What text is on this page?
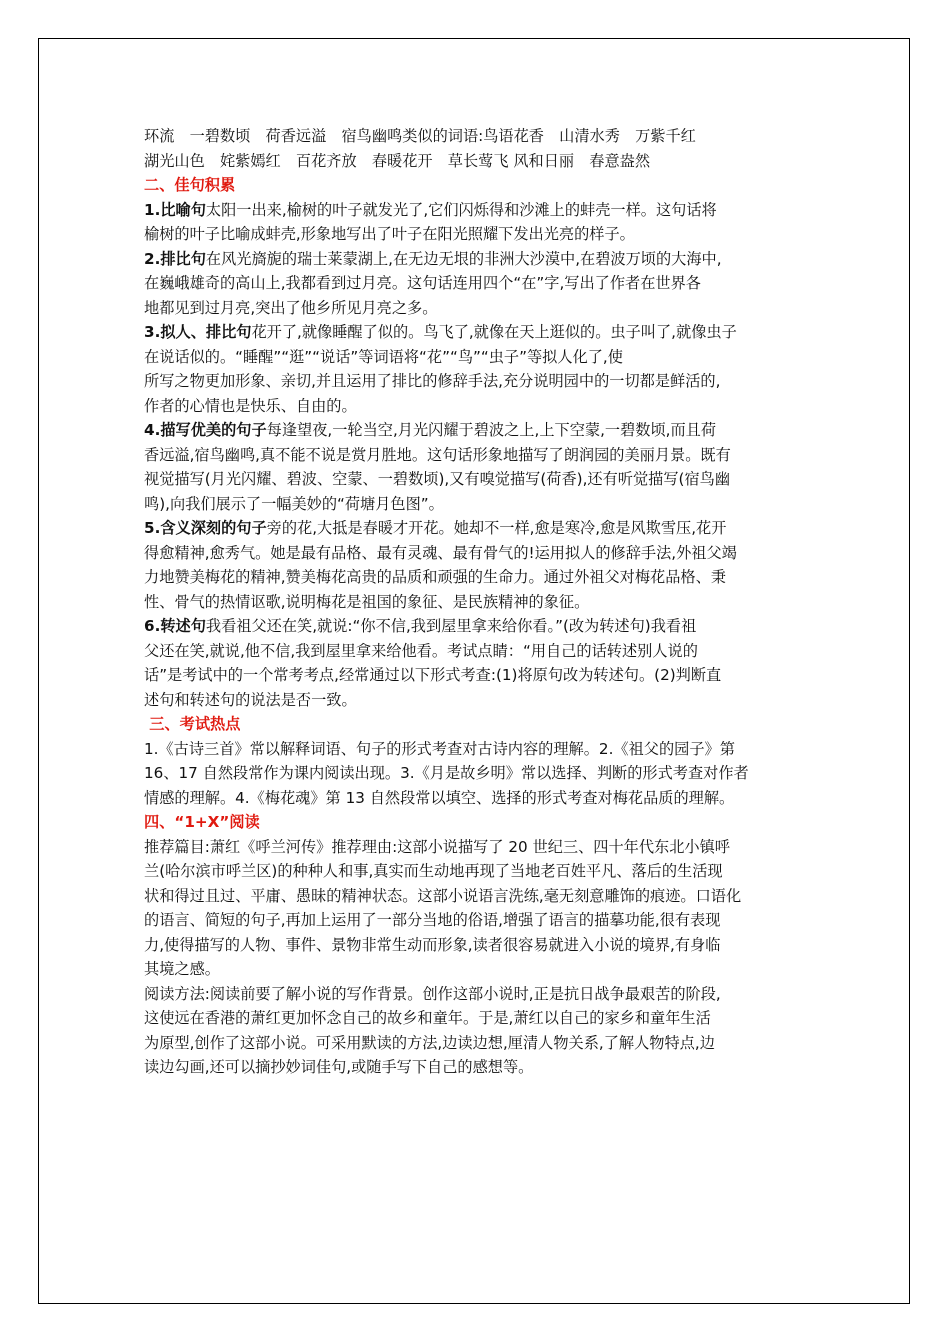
环流　一碧数顷　荷香远溢　宿鸟幽鸣类似的词语:鸟语花香　山清水秀　万紫千红

湖光山色　姹紫嫣红　百花齐放　春暖花开　草长莺飞 风和日丽　春意盎然

二、佳句积累

1.比喻句太阳一出来,榆树的叶子就发光了,它们闪烁得和沙滩上的蚌壳一样。这句话将

榆树的叶子比喻成蚌壳,形象地写出了叶子在阳光照耀下发出光亮的样子。

2.排比句在风光旖旎的瑞士莱蒙湖上,在无边无垠的非洲大沙漠中,在碧波万顷的大海中,

在巍峨雄奇的高山上,我都看到过月亮。这句话连用四个“在”字,写出了作者在世界各

地都见到过月亮,突出了他乡所见月亮之多。

3.拟人、排比句花开了,就像睡醒了似的。鸟飞了,就像在天上逛似的。虫子叫了,就像虫子

在说话似的。“睡醒”“逛”“说话”等词语将“花”“鸟”“虫子”等拟人化了,使

所写之物更加形象、亲切,并且运用了排比的修辞手法,充分说明园中的一切都是鲜活的,

作者的心情也是快乐、自由的。

4.描写优美的句子每逢望夜,一轮当空,月光闪耀于碧波之上,上下空蒙,一碧数顷,而且荷

香远溢,宿鸟幽鸣,真不能不说是赏月胜地。这句话形象地描写了朗润园的美丽月景。既有

视觉描写(月光闪耀、碧波、空蒙、一碧数顷),又有嗅觉描写(荷香),还有听觉描写(宿鸟幽

鸣),向我们展示了一幅美妙的“荷塘月色图”。

5.含义深刻的句子旁的花,大抵是春暖才开花。她却不一样,愈是寒冷,愈是风欺雪压,花开

得愈精神,愈秀气。她是最有品格、最有灵魂、最有骨气的!运用拟人的修辞手法,外祖父竭

力地赞美梅花的精神,赞美梅花高贵的品质和顽强的生命力。通过外祖父对梅花品格、秉

性、骨气的热情讴歌,说明梅花是祖国的象征、是民族精神的象征。

6.转述句我看祖父还在笑,就说:“你不信,我到屋里拿来给你看。”(改为转述句)我看祖

父还在笑,就说,他不信,我到屋里拿来给他看。考试点睛：“用自己的话转述别人说的

话”是考试中的一个常考考点,经常通过以下形式考查:(1)将原句改为转述句。(2)判断直

述句和转述句的说法是否一致。

三、考试热点

1.《古诗三首》常以解释词语、句子的形式考查对古诗内容的理解。2.《祖父的园子》第

16、17 自然段常作为课内阅读出现。3.《月是故乡明》常以选择、判断的形式考查对作者

情感的理解。4.《梅花魂》第 13 自然段常以填空、选择的形式考查对梅花品质的理解。

四、“1+X”阅读

推荐篇目:萧红《呼兰河传》推荐理由:这部小说描写了 20 世纪三、四十年代东北小镇呼

兰(哈尔滨市呼兰区)的种种人和事,真实而生动地再现了当地老百姓平凡、落后的生活现

状和得过且过、平庸、愚昧的精神状态。这部小说语言洗练,毫无刻意雕饰的痕迹。口语化

的语言、简短的句子,再加上运用了一部分当地的俗语,增强了语言的描摹功能,很有表现

力,使得描写的人物、事件、景物非常生动而形象,读者很容易就进入小说的境界,有身临

其境之感。

阅读方法:阅读前要了解小说的写作背景。创作这部小说时,正是抗日战争最艰苦的阶段,

这使远在香港的萧红更加怀念自己的故乡和童年。于是,萧红以自己的家乡和童年生活

为原型,创作了这部小说。可采用默读的方法,边读边想,厘清人物关系,了解人物特点,边

读边勾画,还可以摘抄妙词佳句,或随手写下自己的感想等。
